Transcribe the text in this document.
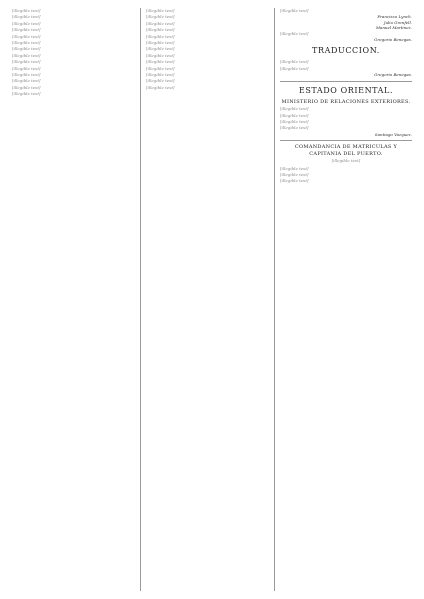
[illegible text]

[illegible text]

[illegible text]

[illegible text]

[illegible text]

[illegible text]

[illegible text]

[illegible text]

[illegible text]

[illegible text]

[illegible text]

[illegible text]

[illegible text]

[illegible text]

[illegible text]

[illegible text]

[illegible text]

[illegible text]

[illegible text]

[illegible text]

[illegible text]

[illegible text]

[illegible text]

[illegible text]

[illegible text]

[illegible text]

[illegible text]

[illegible text]

Francisco Lynch.

Julio Grenfell.

Manuel Martinez.

[illegible text]

Gregorio Benegas.

TRADUCCION.

[illegible text]

[illegible text]

Gregorio Benegas.

ESTADO ORIENTAL.
MINISTERIO DE RELACIONES EXTERIORES.

[illegible text]

[illegible text]

[illegible text]

[illegible text]

Santiago Vazquez.

COMANDANCIA DE MATRICULAS Y CAPITANIA DEL PUERTO.

[illegible text]

[illegible text]

[illegible text]

[illegible text]
